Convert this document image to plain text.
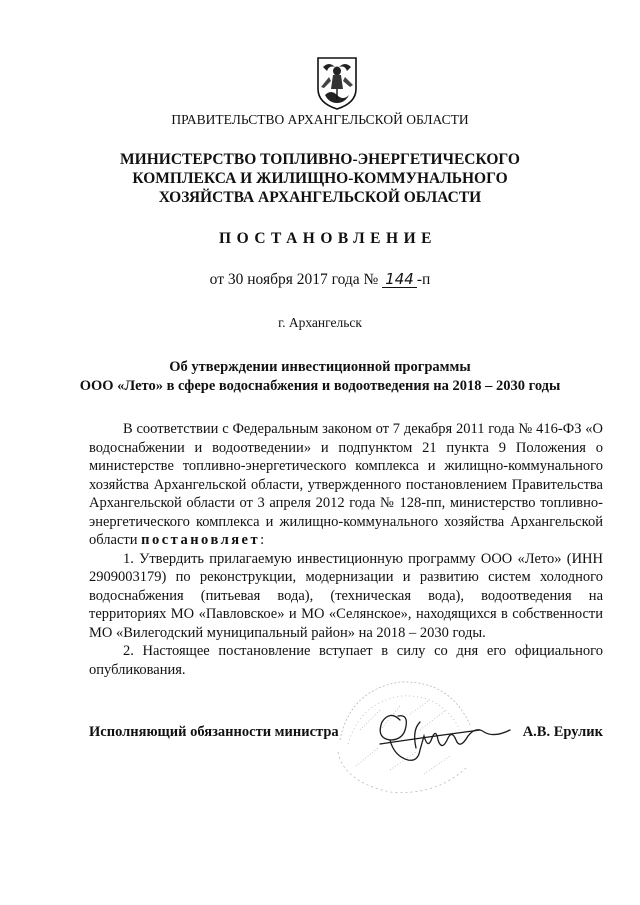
ПРАВИТЕЛЬСТВО АРХАНГЕЛЬСКОЙ ОБЛАСТИ
МИНИСТЕРСТВО ТОПЛИВНО-ЭНЕРГЕТИЧЕСКОГО
КОМПЛЕКСА И ЖИЛИЩНО-КОММУНАЛЬНОГО
ХОЗЯЙСТВА АРХАНГЕЛЬСКОЙ ОБЛАСТИ
ПОСТАНОВЛЕНИЕ
от 30 ноября 2017 года № 144 -п
г. Архангельск
Об утверждении инвестиционной программы
ООО «Лето» в сфере водоснабжения и водоотведения на 2018 – 2030 годы

В соответствии с Федеральным законом от 7 декабря 2011 года № 416-ФЗ «О водоснабжении и водоотведении» и подпунктом 21 пункта 9 Положения о министерстве топливно-энергетического комплекса и жилищно-коммунального хозяйства Архангельской области, утвержденного постановлением Правительства Архангельской области от 3 апреля 2012 года № 128-пп, министерство топливно-энергетического комплекса и жилищно-коммунального хозяйства Архангельской области постановляет:

1. Утвердить прилагаемую инвестиционную программу ООО «Лето» (ИНН 2909003179) по реконструкции, модернизации и развитию систем холодного водоснабжения (питьевая вода), (техническая вода), водоотведения на территориях МО «Павловское» и МО «Селянское», находящихся в собственности МО «Вилегодский муниципальный район» на 2018 – 2030 годы.

2. Настоящее постановление вступает в силу со дня его официального опубликования.

Исполняющий обязанности министра	А.В. Ерулик
